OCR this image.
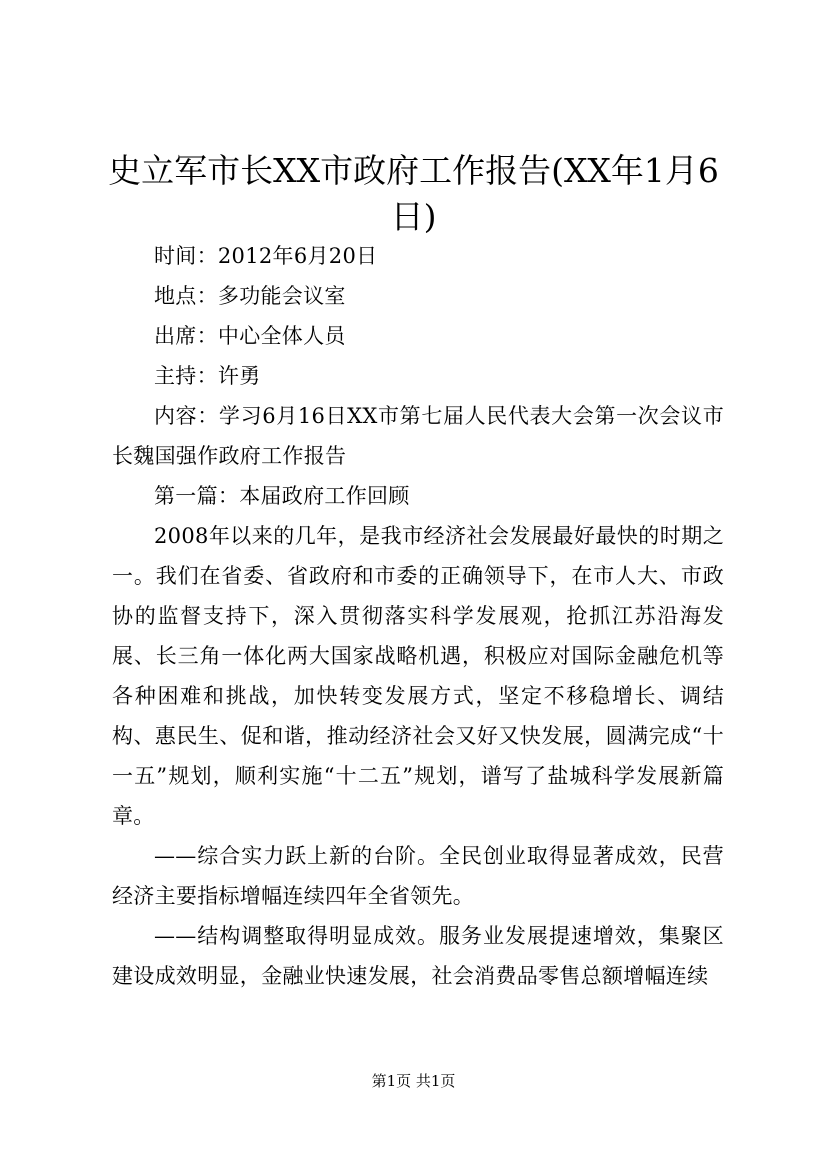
史立军市长XX市政府工作报告(XX年1月6日)

时间：2012年6月20日

地点：多功能会议室

出席：中心全体人员

主持：许勇

内容：学习6月16日XX市第七届人民代表大会第一次会议市长魏国强作政府工作报告

第一篇：本届政府工作回顾

2008年以来的几年，是我市经济社会发展最好最快的时期之一。我们在省委、省政府和市委的正确领导下，在市人大、市政协的监督支持下，深入贯彻落实科学发展观，抢抓江苏沿海发展、长三角一体化两大国家战略机遇，积极应对国际金融危机等各种困难和挑战，加快转变发展方式，坚定不移稳增长、调结构、惠民生、促和谐，推动经济社会又好又快发展，圆满完成“十一五”规划，顺利实施“十二五”规划，谱写了盐城科学发展新篇章。

——综合实力跃上新的台阶。全民创业取得显著成效，民营经济主要指标增幅连续四年全省领先。

——结构调整取得明显成效。服务业发展提速增效，集聚区建设成效明显，金融业快速发展，社会消费品零售总额增幅连续

第1页 共1页
